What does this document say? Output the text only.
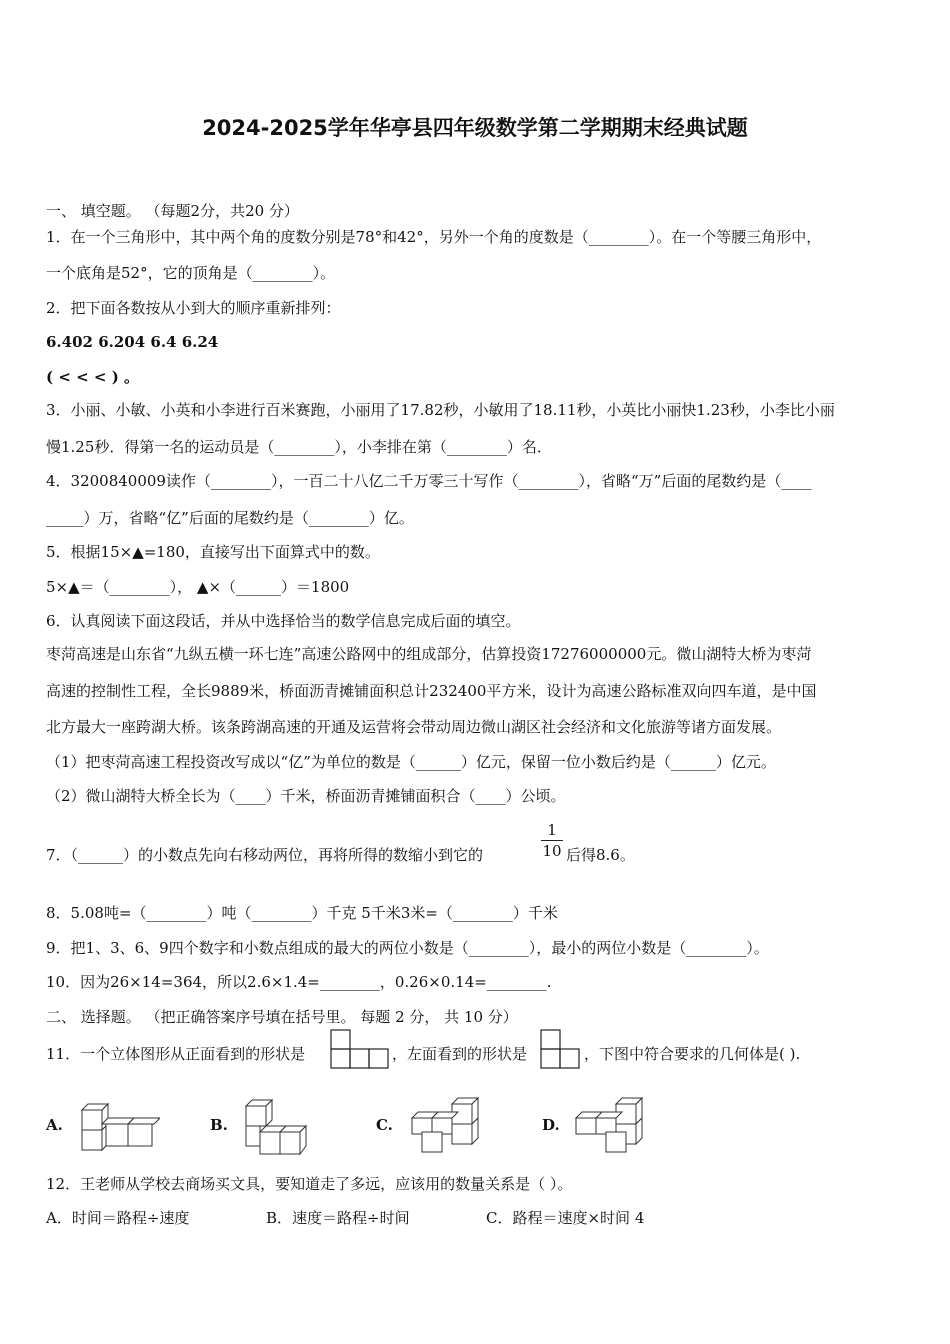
2024-2025学年华亭县四年级数学第二学期期末经典试题
一、 填空题。 （每题2分，共20 分）
1．在一个三角形中，其中两个角的度数分别是78°和42°，另外一个角的度数是（________）。在一个等腰三角形中，
一个底角是52°，它的顶角是（________）。
2．把下面各数按从小到大的顺序重新排列：
6.402 6.204 6.4 6.24
( < < < ) 。
3．小丽、小敏、小英和小李进行百米赛跑，小丽用了17.82秒，小敏用了18.11秒，小英比小丽快1.23秒，小李比小丽
慢1.25秒．得第一名的运动员是（________），小李排在第（________）名．
4．3200840009读作（________），一百二十八亿二千万零三十写作（________），省略“万”后面的尾数约是（____
_____）万，省略“亿”后面的尾数约是（________）亿。
5．根据15×▲=180，直接写出下面算式中的数。
5×▲＝（________）， ▲×（______）＝1800
6．认真阅读下面这段话，并从中选择恰当的数学信息完成后面的填空。
枣菏高速是山东省“九纵五横一环七连”高速公路网中的组成部分，估算投资17276000000元。微山湖特大桥为枣菏
高速的控制性工程，全长9889米，桥面沥青摊铺面积总计232400平方米，设计为高速公路标准双向四车道，是中国
北方最大一座跨湖大桥。该条跨湖高速的开通及运营将会带动周边微山湖区社会经济和文化旅游等诸方面发展。
（1）把枣菏高速工程投资改写成以“亿”为单位的数是（______）亿元，保留一位小数后约是（______）亿元。
（2）微山湖特大桥全长为（____）千米，桥面沥青摊铺面积合（____）公顷。
7．（______）的小数点先向右移动两位，再将所得的数缩小到它的	$\frac{1}{10}$ 后得8.6。
8．5.08吨=（________）吨（________）千克 5千米3米=（________）千米
9．把1、3、6、9四个数字和小数点组成的最大的两位小数是（________），最小的两位小数是（________）。
10．因为26×14=364，所以2.6×1.4=________，0.26×0.14=________.
二、 选择题。 （把正确答案序号填在括号里。 每题 2 分， 共 10 分）
11．一个立体图形从正面看到的形状是	，左面看到的形状是	，下图中符合要求的几何体是( ).
A.	B.	C.	D.
12．王老师从学校去商场买文具，要知道走了多远，应该用的数量关系是（ ）。
A．时间＝路程÷速度	B．速度＝路程÷时间	C．路程＝速度×时间 4
